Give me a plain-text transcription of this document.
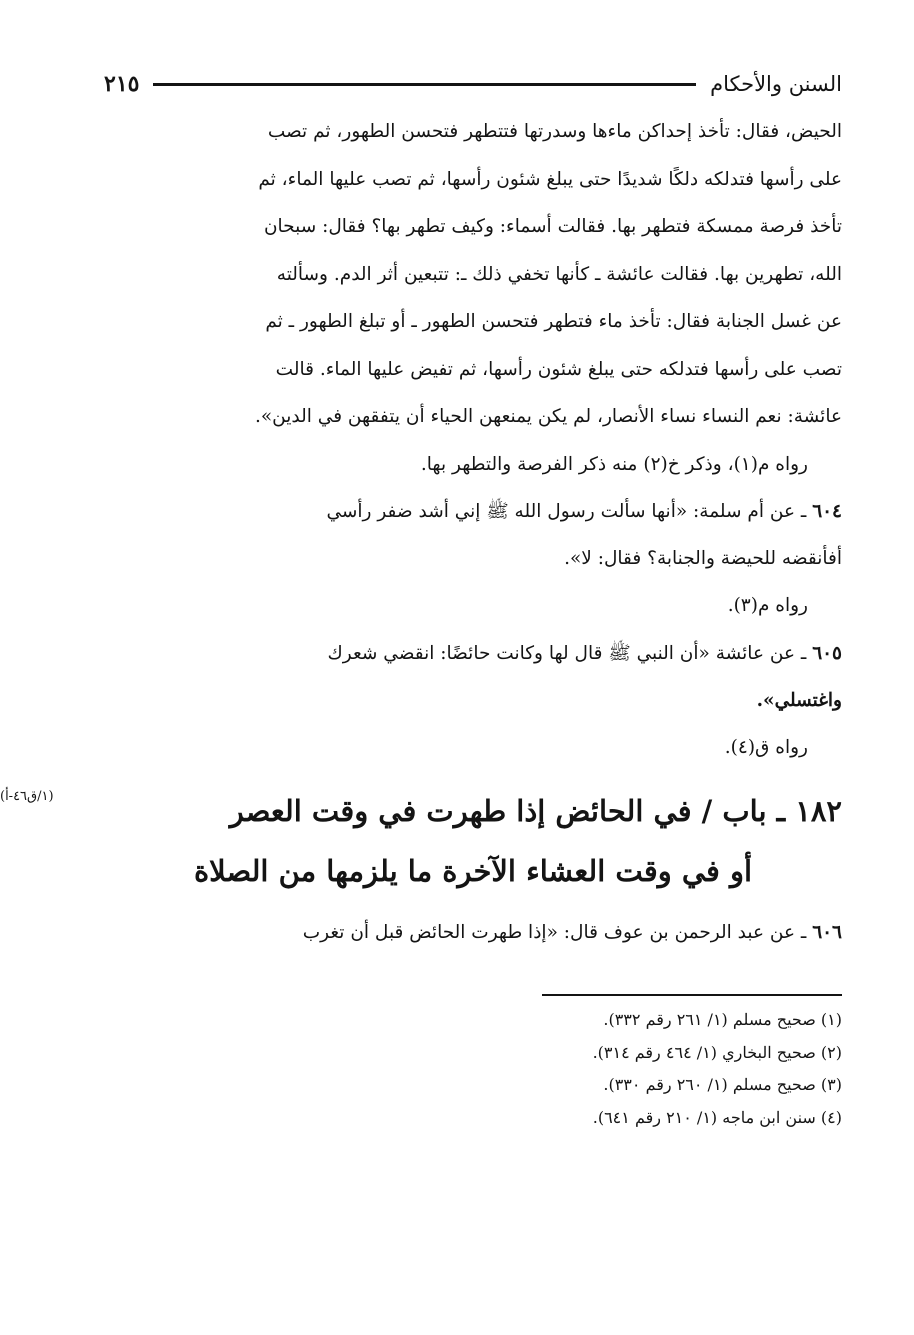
السنن والأحكام
٢١٥
الحيض، فقال: تأخذ إحداكن ماءها وسدرتها فتتطهر فتحسن الطهور، ثم تصب
على رأسها فتدلكه دلكًا شديدًا حتى يبلغ شئون رأسها، ثم تصب عليها الماء، ثم
تأخذ فرصة ممسكة فتطهر بها. فقالت أسماء: وكيف تطهر بها؟ فقال: سبحان
الله، تطهرين بها. فقالت عائشة ـ كأنها تخفي ذلك ـ: تتبعين أثر الدم. وسألته
عن غسل الجنابة فقال: تأخذ ماء فتطهر فتحسن الطهور ـ أو تبلغ الطهور ـ ثم
تصب على رأسها فتدلكه حتى يبلغ شئون رأسها، ثم تفيض عليها الماء. قالت
عائشة: نعم النساء نساء الأنصار، لم يكن يمنعهن الحياء أن يتفقهن في الدين».

رواه م(١)، وذكر خ(٢) منه ذكر الفرصة والتطهر بها.

٦٠٤ ـ عن أم سلمة: «أنها سألت رسول الله ﷺ إني أشد ضفر رأسي
أفأنقضه للحيضة والجنابة؟ فقال: لا».

رواه م(٣).

٦٠٥ ـ عن عائشة «أن النبي ﷺ قال لها وكانت حائضًا: انقضي شعرك
واغتسلي».

رواه ق(٤).

١٨٢ ـ باب / في الحائض إذا طهرت في وقت العصر
أو في وقت العشاء الآخرة ما يلزمها من الصلاة
(١/ق٤٦-أ)
٦٠٦ ـ عن عبد الرحمن بن عوف قال: «إذا طهرت الحائض قبل أن تغرب
(١) صحيح مسلم (١/ ٢٦١ رقم ٣٣٢).
(٢) صحيح البخاري (١/ ٤٦٤ رقم ٣١٤).
(٣) صحيح مسلم (١/ ٢٦٠ رقم ٣٣٠).
(٤) سنن ابن ماجه (١/ ٢١٠ رقم ٦٤١).
